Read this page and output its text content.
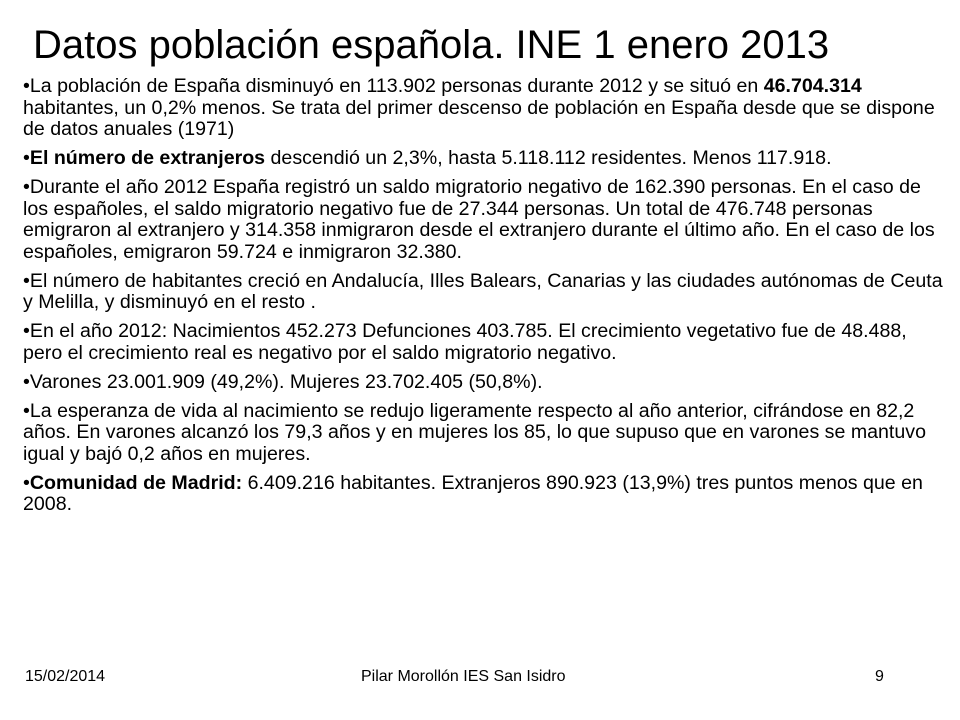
Datos población española. INE 1 enero 2013
•La población de España disminuyó en 113.902 personas durante 2012 y se situó en 46.704.314 habitantes, un 0,2% menos. Se trata del primer descenso de población en España desde que se dispone de datos anuales (1971)
•El número de extranjeros descendió un 2,3%, hasta 5.118.112 residentes. Menos 117.918.
•Durante el año 2012 España registró un saldo migratorio negativo de 162.390 personas. En el caso de los españoles, el saldo migratorio negativo fue de 27.344 personas. Un total de 476.748 personas emigraron al extranjero y 314.358 inmigraron desde el extranjero durante el último año. En el caso de los españoles, emigraron 59.724 e inmigraron 32.380.
•El número de habitantes creció en Andalucía, Illes Balears, Canarias y las ciudades autónomas de Ceuta y Melilla, y disminuyó en el resto .
•En el año 2012: Nacimientos 452.273 Defunciones 403.785. El crecimiento vegetativo fue de 48.488, pero el crecimiento real es negativo por el saldo migratorio negativo.
•Varones 23.001.909 (49,2%). Mujeres 23.702.405 (50,8%).
•La esperanza de vida al nacimiento se redujo ligeramente respecto al año anterior, cifrándose en 82,2 años. En varones alcanzó los 79,3 años y en mujeres los 85, lo que supuso que en varones se mantuvo igual y bajó 0,2 años en mujeres.
•Comunidad de Madrid: 6.409.216 habitantes. Extranjeros 890.923 (13,9%) tres puntos menos que en 2008.
15/02/2014	Pilar Morollón IES San Isidro	9
